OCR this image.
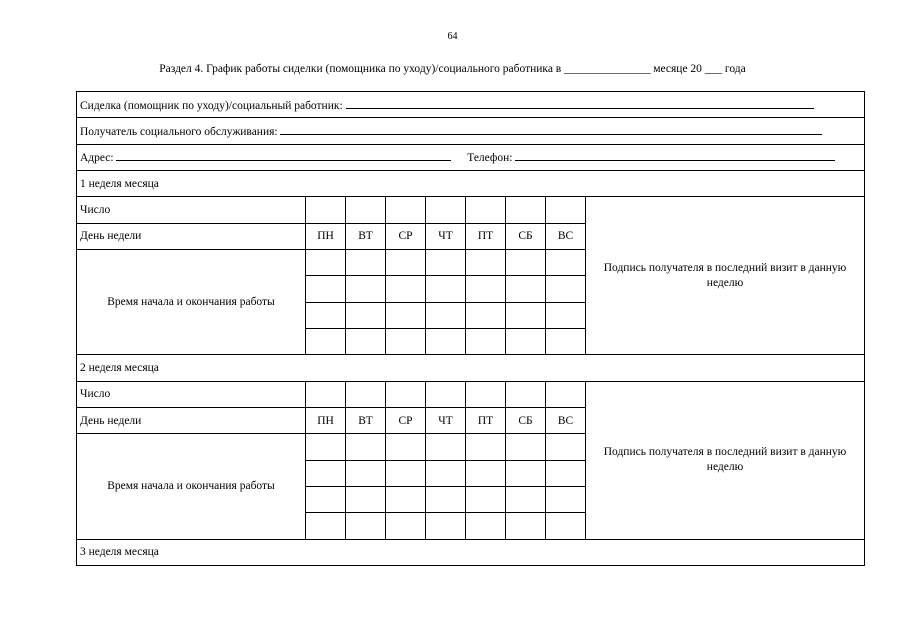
64
Раздел 4. График работы сиделки (помощника по уходу)/социального работника в _______________ месяце 20 ___ года
Сиделка (помощник по уходу)/социальный работник:								
Получатель социального обслуживания:								
Адрес: Телефон:								
1 неделя месяца								
Число								Подпись получателя в последний визит в данную неделю
День недели	ПН	ВТ	СР	ЧТ	ПТ	СБ	ВС	
Время начала и окончания работы								

2 неделя месяца								
Число								Подпись получателя в последний визит в данную неделю
День недели	ПН	ВТ	СР	ЧТ	ПТ	СБ	ВС	
Время начала и окончания работы								

3 неделя месяца								
